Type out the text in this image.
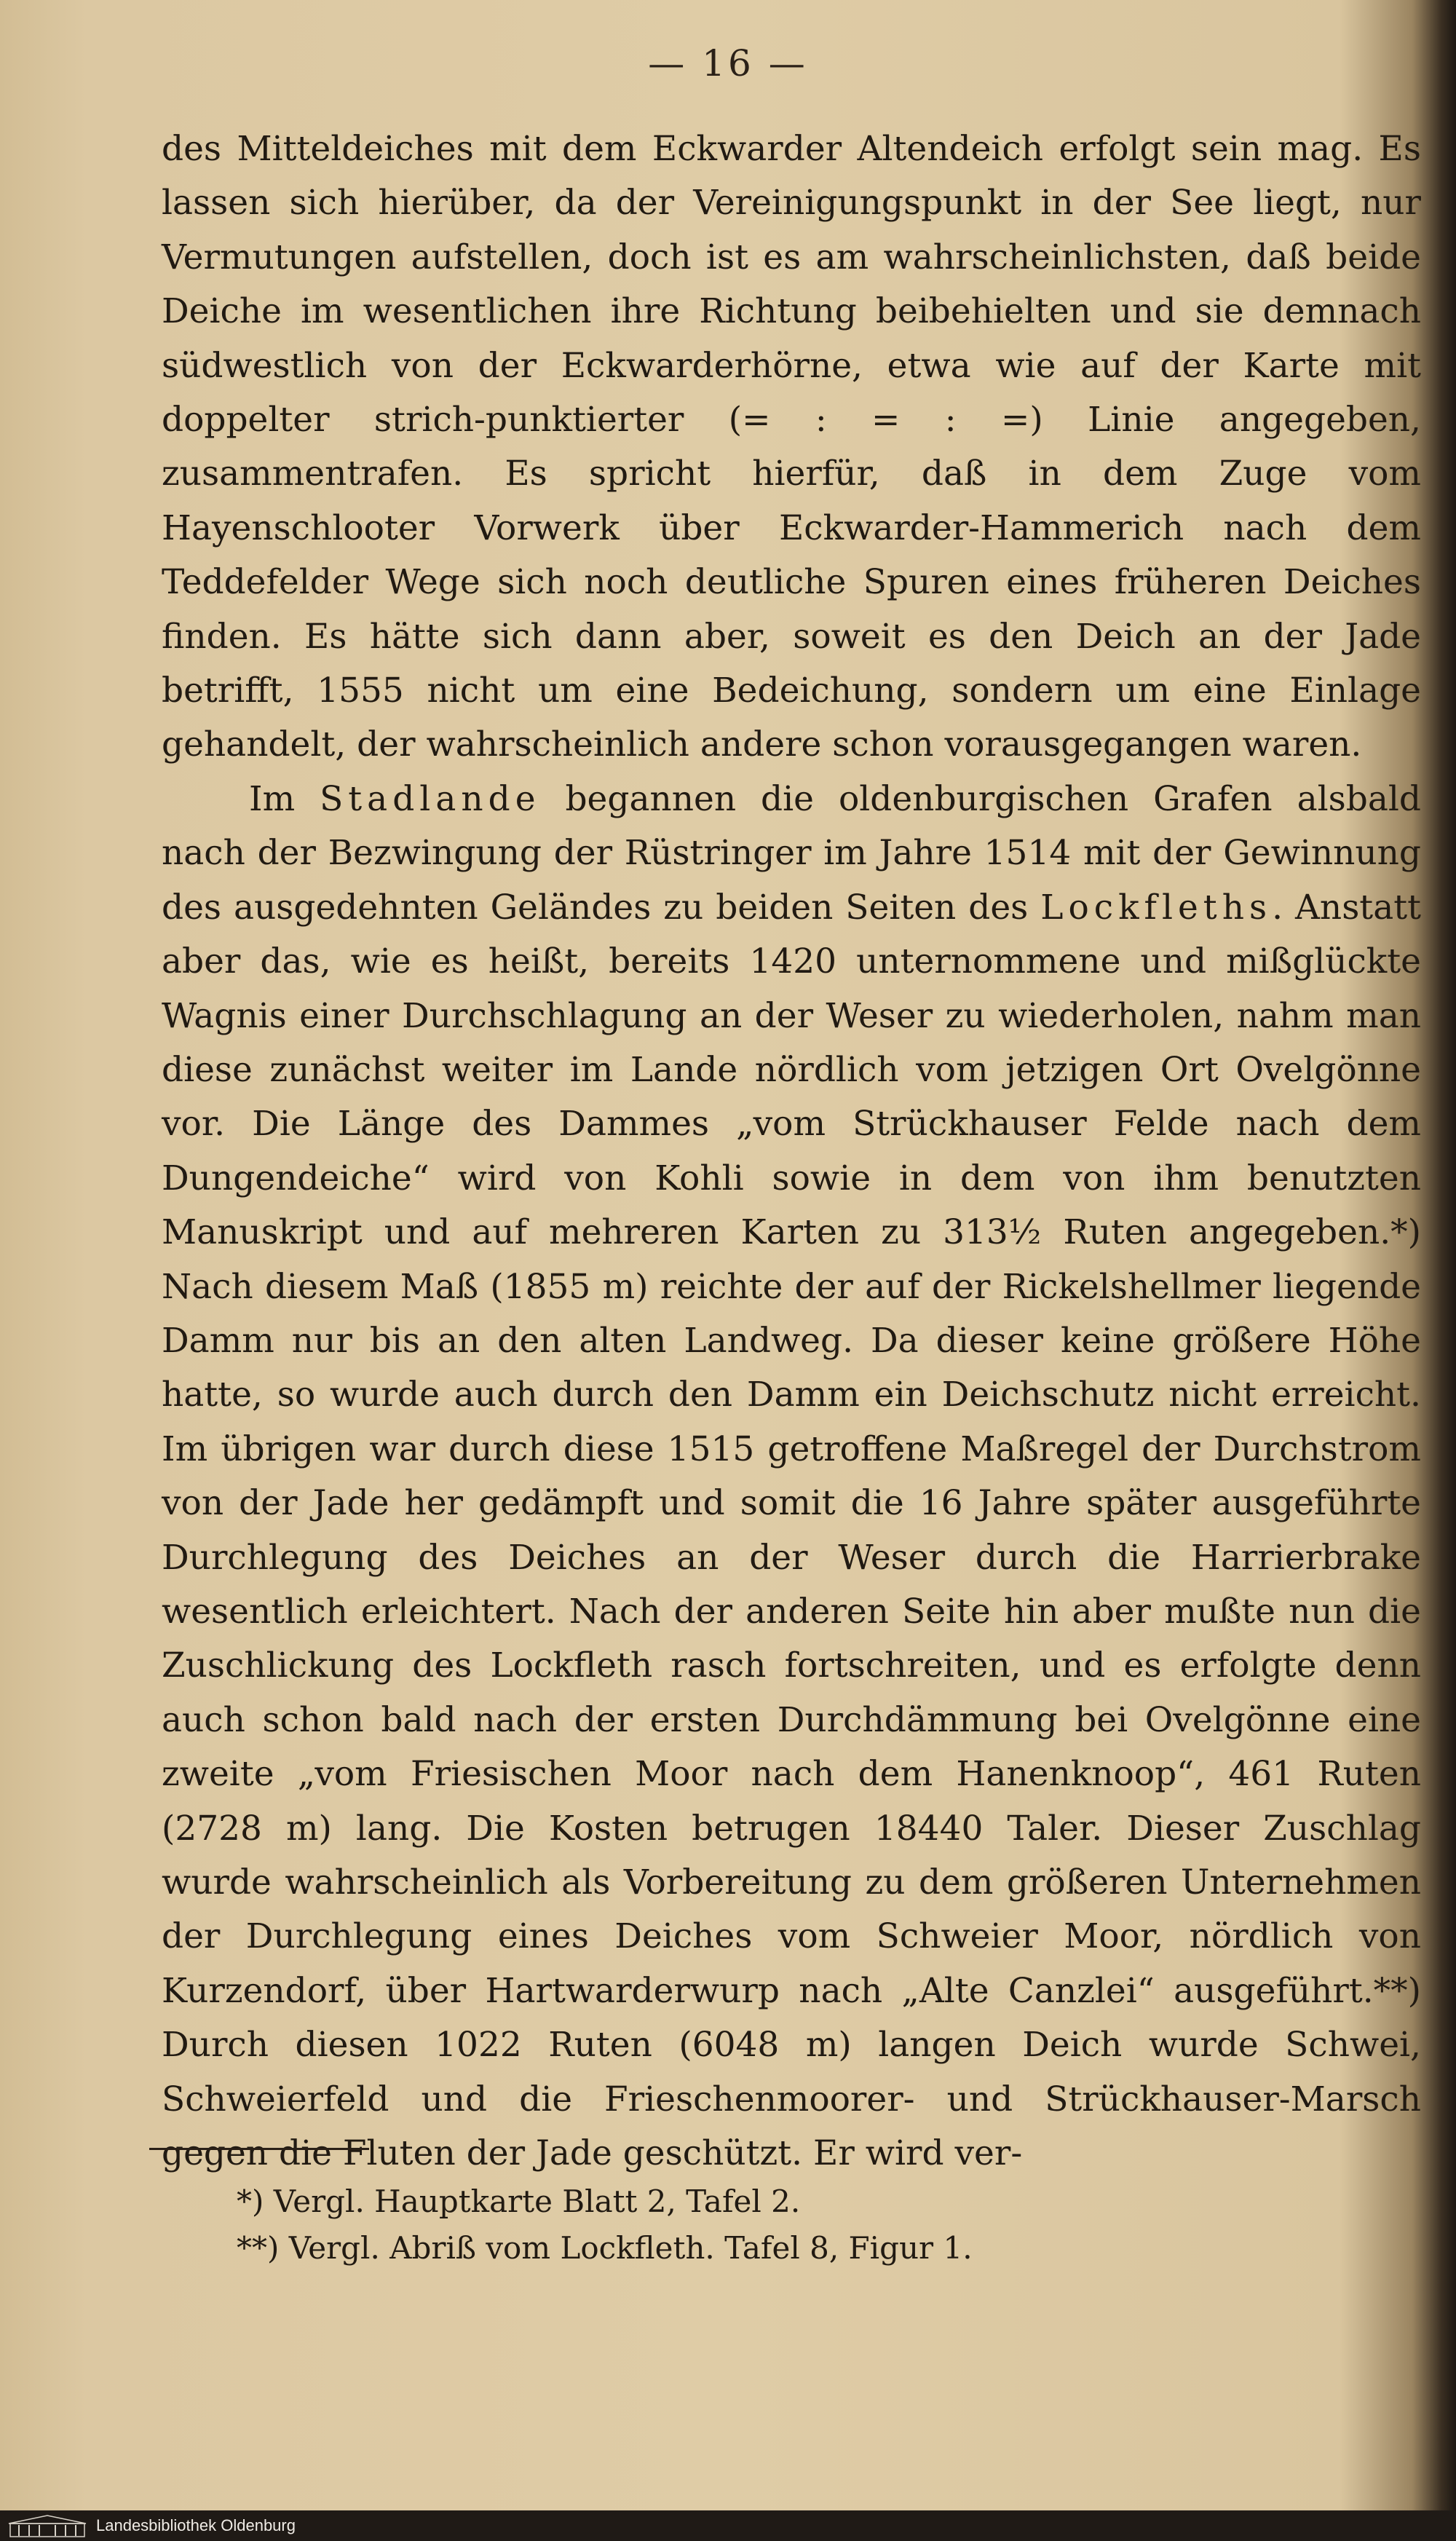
— 16 —

des Mitteldeiches mit dem Eckwarder Altendeich erfolgt sein mag. Es lassen sich hierüber, da der Vereinigungspunkt in der See liegt, nur Vermutungen aufstellen, doch ist es am wahrscheinlichsten, daß beide Deiche im wesentlichen ihre Richtung beibehielten und sie demnach südwestlich von der Eckwarderhörne, etwa wie auf der Karte mit doppelter strich-punktierter (= : = : =) Linie angegeben, zusammentrafen. Es spricht hierfür, daß in dem Zuge vom Hayenschlooter Vorwerk über Eckwarder-Hammerich nach dem Teddefelder Wege sich noch deutliche Spuren eines früheren Deiches finden. Es hätte sich dann aber, soweit es den Deich an der Jade betrifft, 1555 nicht um eine Bedeichung, sondern um eine Einlage gehandelt, der wahrscheinlich andere schon vorausgegangen waren.

Im Stadlande begannen die oldenburgischen Grafen alsbald nach der Bezwingung der Rüstringer im Jahre 1514 mit der Gewinnung des ausgedehnten Geländes zu beiden Seiten des Lockfleths. Anstatt aber das, wie es heißt, bereits 1420 unternommene und mißglückte Wagnis einer Durchschlagung an der Weser zu wiederholen, nahm man diese zunächst weiter im Lande nördlich vom jetzigen Ort Ovelgönne vor. Die Länge des Dammes „vom Strückhauser Felde nach dem Dungendeiche“ wird von Kohli sowie in dem von ihm benutzten Manuskript und auf mehreren Karten zu 313½ Ruten angegeben.*) Nach diesem Maß (1855 m) reichte der auf der Rickelshellmer liegende Damm nur bis an den alten Landweg. Da dieser keine größere Höhe hatte, so wurde auch durch den Damm ein Deichschutz nicht erreicht. Im übrigen war durch diese 1515 getroffene Maßregel der Durchstrom von der Jade her gedämpft und somit die 16 Jahre später ausgeführte Durchlegung des Deiches an der Weser durch die Harrierbrake wesentlich erleichtert. Nach der anderen Seite hin aber mußte nun die Zuschlickung des Lockfleth rasch fortschreiten, und es erfolgte denn auch schon bald nach der ersten Durchdämmung bei Ovelgönne eine zweite „vom Friesischen Moor nach dem Hanenknoop“, 461 Ruten (2728 m) lang. Die Kosten betrugen 18440 Taler. Dieser Zuschlag wurde wahrscheinlich als Vorbereitung zu dem größeren Unternehmen der Durchlegung eines Deiches vom Schweier Moor, nördlich von Kurzendorf, über Hartwarderwurp nach „Alte Canzlei“ ausgeführt.**) Durch diesen 1022 Ruten (6048 m) langen Deich wurde Schwei, Schweierfeld und die Frieschenmoorer- und Strückhauser-Marsch gegen die Fluten der Jade geschützt. Er wird ver-

*) Vergl. Hauptkarte Blatt 2, Tafel 2.
**) Vergl. Abriß vom Lockfleth. Tafel 8, Figur 1.
Landesbibliothek Oldenburg
